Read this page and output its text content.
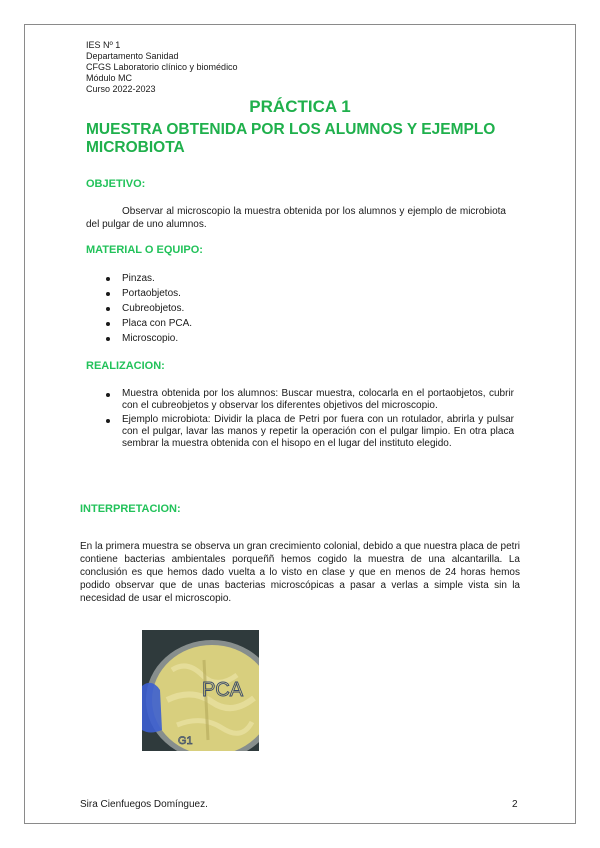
IES Nº 1
Departamento Sanidad
CFGS Laboratorio clínico y biomédico
Módulo MC
Curso 2022-2023
PRÁCTICA 1
MUESTRA OBTENIDA POR LOS ALUMNOS Y EJEMPLO MICROBIOTA
OBJETIVO:
Observar al microscopio la muestra obtenida por los alumnos y ejemplo de microbiota del pulgar de uno alumnos.
MATERIAL O EQUIPO:
Pinzas.
Portaobjetos.
Cubreobjetos.
Placa con PCA.
Microscopio.
REALIZACION:
Muestra obtenida por los alumnos: Buscar muestra, colocarla en el portaobjetos, cubrir con el cubreobjetos y observar los diferentes objetivos del microscopio.
Ejemplo microbiota: Dividir la placa de Petri por fuera con un rotulador, abrirla y pulsar con el pulgar, lavar las manos y repetir la operación con el pulgar limpio. En otra placa sembrar la muestra obtenida con el hisopo en el lugar del instituto elegido.
INTERPRETACION:
En la primera muestra se observa un gran crecimiento colonial, debido a que nuestra placa de petri contiene bacterias ambientales porqueññ hemos cogido la muestra de una alcantarilla. La conclusión es que hemos dado vuelta a lo visto en clase y que en menos de 24 horas hemos podido observar que de unas bacterias microscópicas a pasar a verlas a simple vista sin la necesidad de usar el microscopio.
PCA
G1
Sira Cienfuegos Domínguez.	2
